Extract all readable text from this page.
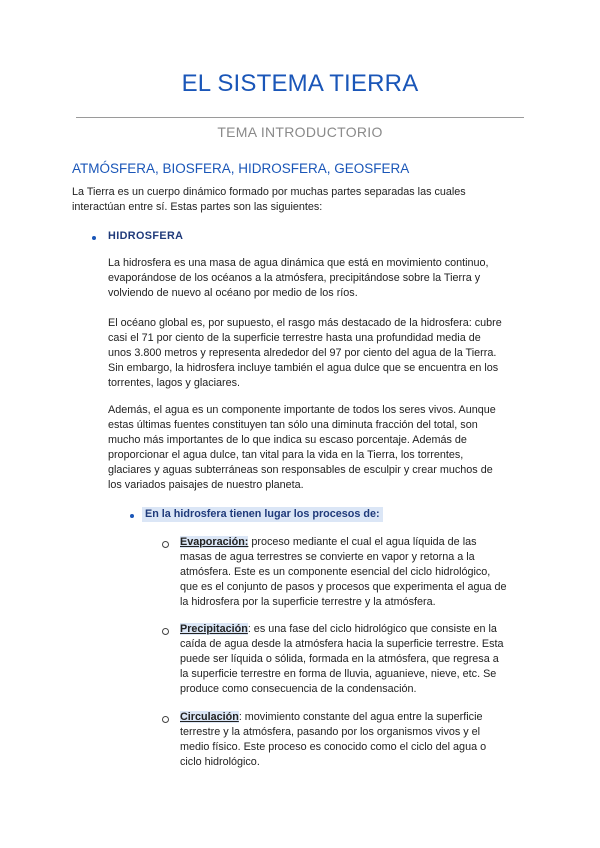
EL SISTEMA TIERRA
TEMA INTRODUCTORIO
ATMÓSFERA, BIOSFERA, HIDROSFERA, GEOSFERA

La Tierra es un cuerpo dinámico formado por muchas partes separadas las cuales interactúan entre sí. Estas partes son las siguientes:

HIDROSFERA

La hidrosfera es una masa de agua dinámica que está en movimiento continuo, evaporándose de los océanos a la atmósfera, precipitándose sobre la Tierra y volviendo de nuevo al océano por medio de los ríos.

El océano global es, por supuesto, el rasgo más destacado de la hidrosfera: cubre casi el 71 por ciento de la superficie terrestre hasta una profundidad media de unos 3.800 metros y representa alrededor del 97 por ciento del agua de la Tierra. Sin embargo, la hidrosfera incluye también el agua dulce que se encuentra en los torrentes, lagos y glaciares.

Además, el agua es un componente importante de todos los seres vivos. Aunque estas últimas fuentes constituyen tan sólo una diminuta fracción del total, son mucho más importantes de lo que indica su escaso porcentaje. Además de proporcionar el agua dulce, tan vital para la vida en la Tierra, los torrentes, glaciares y aguas subterráneas son responsables de esculpir y crear muchos de los variados paisajes de nuestro planeta.

En la hidrosfera tienen lugar los procesos de:

Evaporación: proceso mediante el cual el agua líquida de las masas de agua terrestres se convierte en vapor y retorna a la atmósfera. Este es un componente esencial del ciclo hidrológico, que es el conjunto de pasos y procesos que experimenta el agua de la hidrosfera por la superficie terrestre y la atmósfera.

Precipitación: es una fase del ciclo hidrológico que consiste en la caída de agua desde la atmósfera hacia la superficie terrestre. Esta puede ser líquida o sólida, formada en la atmósfera, que regresa a la superficie terrestre en forma de lluvia, aguanieve, nieve, etc. Se produce como consecuencia de la condensación.

Circulación: movimiento constante del agua entre la superficie terrestre y la atmósfera, pasando por los organismos vivos y el medio físico. Este proceso es conocido como el ciclo del agua o ciclo hidrológico.
